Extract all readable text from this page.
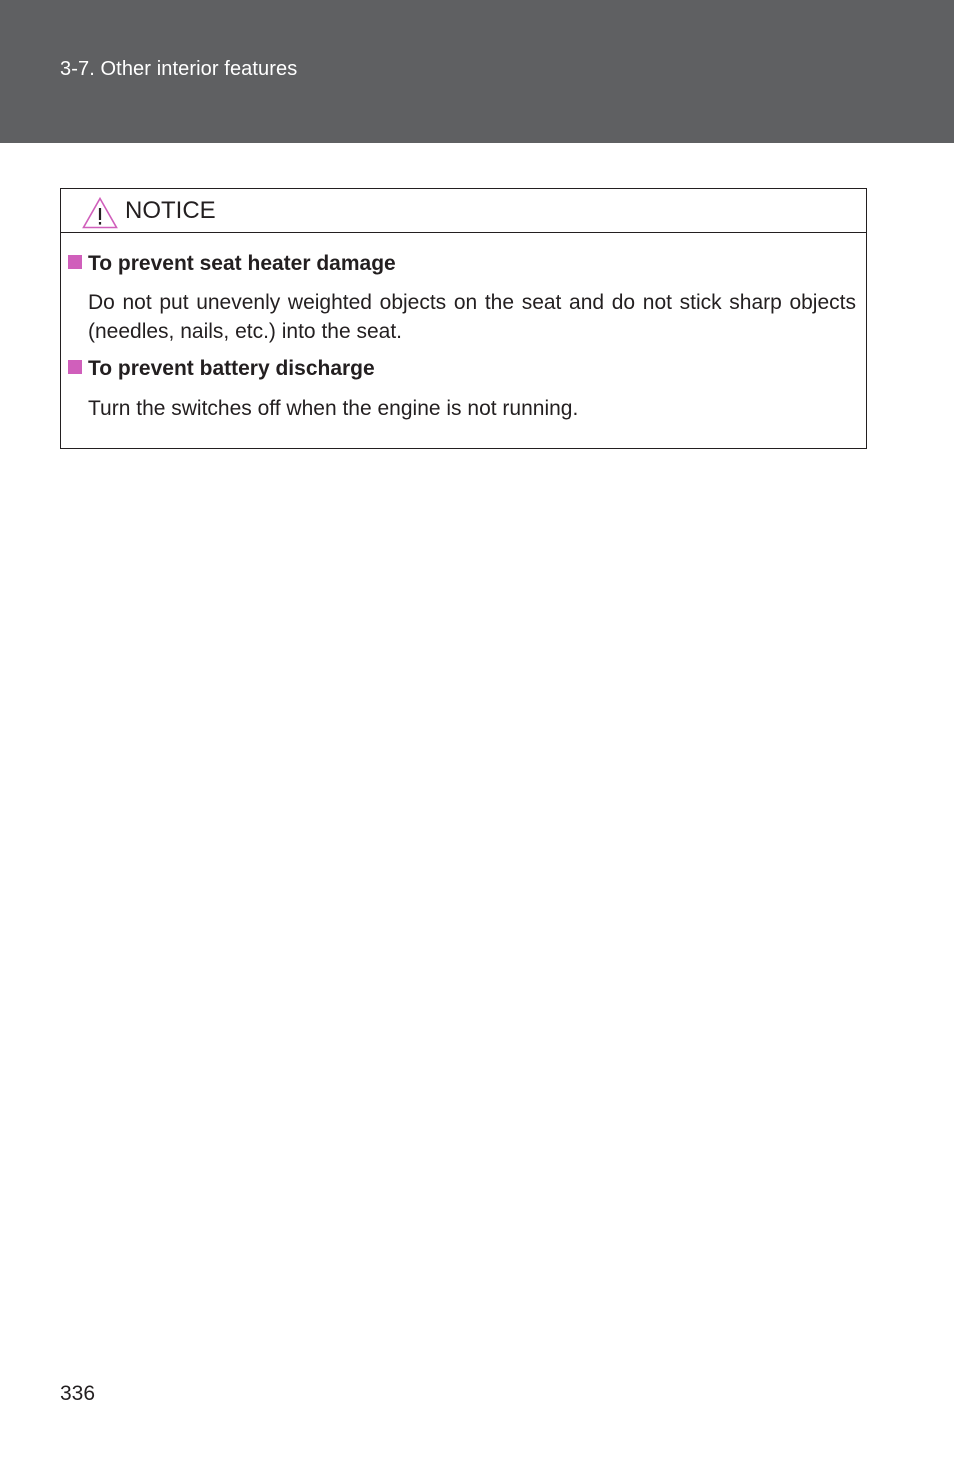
3-7. Other interior features
NOTICE
To prevent seat heater damage
Do not put unevenly weighted objects on the seat and do not stick sharp objects (needles, nails, etc.) into the seat.
To prevent battery discharge
Turn the switches off when the engine is not running.
336
